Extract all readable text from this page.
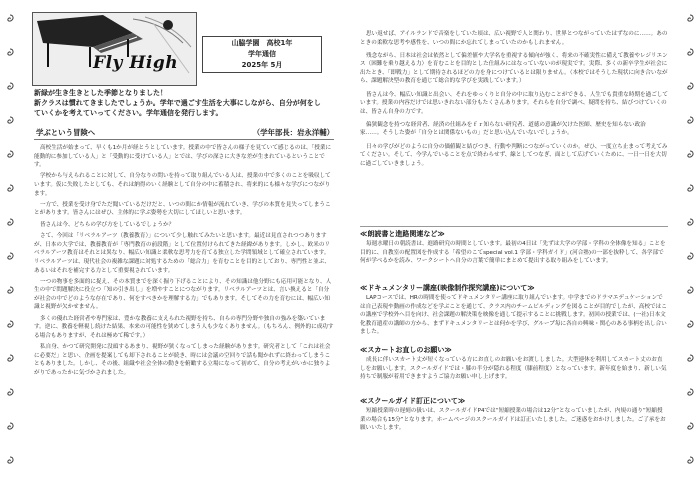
Fly High
山脇学園　高校1年
学年通信
2025年 5月
新緑が生き生きとした季節となりました！
新クラスは慣れてきましたでしょうか。学年で過ごす生活を大事にしながら、自分が何をし
ていくかを考えていってください。学年通信を発行します。
学ぶという冒険へ	（学年部長：岩永洋輔）

高校生活が始まって、早くも1か月が経とうとしています。授業の中で皆さんの様子を見ていて感じるのは、「授業に能動的に参加している人」と「受動的に受けている人」とでは、学びの深さに大きな差が生まれているということです。

学校から与えられることに対して、自分なりの問いを持って取り組んでいる人は、授業の中で多くのことを吸収しています。仮に失敗したとしても、それは納得のいく経験として自分の中に蓄積され、将来的にも様々な学びにつながります。

一方で、授業を受け身でただ聞いているだけだと、いつの間にか情報が流れていき、学びの本質を見失ってしまうことがあります。皆さんにはぜひ、主体的に学ぶ姿勢を大切にしてほしいと思います。

皆さんは今、どちらの学び方をしているでしょうか？

さて、今回は「リベラルアーツ（教養教育）」について少し触れてみたいと思います。最近は見直されつつありますが、日本の大学では、教養教育が「専門教育の前段階」として位置付けられてきた経緯があります。しかし、欧米のリベラルアーツ教育はそれとは異なり、幅広い知識と柔軟な思考力を育てる独立した学問領域として確立されています。リベラルアーツは、現代社会の複雑な課題に対処するための「総合力」を育むことを目的としており、専門性と並ぶ、あるいはそれを補完する力として重要視されています。

一つの物事を多面的に捉え、その本質までを深く掘り下げることにより、その知識は他分野にも応用可能となり、人生の中で問題解決に役立つ「知の引き出し」を増やすことにつながります。リベラルアーツとは、言い換えると「自分が社会の中でどのような存在であり、何をすべきかを理解する力」でもあります。そしてその力を育むには、幅広い知識と視野が欠かせません。

多くの優れた経営者や専門家は、豊かな教養に支えられた視野を持ち、自らの専門分野や独自の強みを築いています。逆に、教養を軽視し続けた結果、本来の可能性を狭めてしまう人も少なくありません。（もちろん、例外的に成功する場合もありますが、それは極めて稀です。）

私自身、かつて研究開発に没頭するあまり、視野が狭くなってしまった経験があります。研究者として「これは社会に必要だ」と思い、企画を提案しても却下されることが続き、時には会議の空回りで話も聞かれずに終わってしまうこともありました。しかし、その後、組織や社会全体の動きを俯瞰する立場になって初めて、自分の考えがいかに独りよがりであったかに気づかされました。

思い返せば、アイルランドで音楽をしていた頃は、広い視野で人と関わり、世界とつながっていたはずなのに……。あのときの柔軟な思考や感性を、いつの間にか忘れてしまっていたのかもしれません。

残念ながら、日本は社会は依然として偏差値や大学名を重視する傾向が強く、将来の不確実性に備えて教養やレジリエンス（困難を乗り越える力）を育むことを目的とした仕組みにはなっていないのが現実です。実際、多くの新卒学生が社会に出たとき、「即戦力」として期待されるほどの力を身につけているとは限りません。（本校ではそうした現状に向き合いながら、課題解決型の教育を通じて総合的な学びを実践しています。）

皆さんは今、幅広い知識と出会い、それをゆっくりと自分の中に取り込むことができる、人生でも貴重な時期を過ごしています。授業の内容だけでは思いきれない部分もたくさんあります。それらを自分で調べ、疑問を持ち、結びつけていくのは、皆さん自身の力です。

偏狭観念を持つな経営者、経済の仕組みをｆｒ知らない研究者、道徳の意識が欠けた医師、歴史を知らない政治家……。そうした姿が「自分とは関係ないもの」だと思い込んでいないでしょうか。

日々の学びがどのように自分の価値観と結びつき、行動や判断につながっていくのか。ぜひ、一度立ち止まって考えてみてください。そして、今学んでいることを点で終わらせず、線としてつなぎ、面として広げていくために、一日一日を大切に過ごしていきましょう。

≪朗読書と進路関連など≫
毎週水曜日の朝読書は、進路研究の時間としています。最初の4日は「先ずは大学の学部・学科の全体像を知る」ことを目的に、自教室の配置図を作成する「希望のこてspecial vol.1 学部・学科ガイド」(河合塾)の一部を抜粋して、各学部で何が学べるかを読み、ワークシートへ自分の言葉で簡単にまとめて提出する取り組みをしています。
≪ドキュメンタリー講座(映像制作探究講座)について≫
LAPコースでは、HRの時間を使ってドキュメンタリー講座に取り組んでいます。中学までのドラマエデュケーションでは自己表現や動画の作成などを学ぶことを通じて、クラス内のチームビルディングを図ることが目的でしたが、高校ではこの講座で学校外へ目を向け、社会課題の解決策を映像を通して提示することに挑戦します。初回の授業では、(一社)日本文化教育遺産の講師の方から、まずドキュメンタリーとは何かを学び、グループ毎に各自の興味・関心のある事柄を出し合いました。
≪スカートお直しのお願い≫
成長に伴いスカート丈が短くなっている方にお直しのお願いをお渡ししました。大型連休を利用してスカート丈のお直しをお願いします。スクールガイドでは・膝の半分が隠れる程度（膝前程度）となっています。新年度を始まり、新しい気持ちで制服が着用できますようご協力お願い申し上げます。
≪スクールガイド訂正について≫
短縮授業時の遅刻の扱いは、スクールガイドP4では“短縮授業の場合は12分”となっていましたが、内規の通り“短縮授業の場合も15分”となります。ホームページのスクールガイドは訂正いたしました。ご迷惑をおかけしました。ご了承をお願いいたします。
